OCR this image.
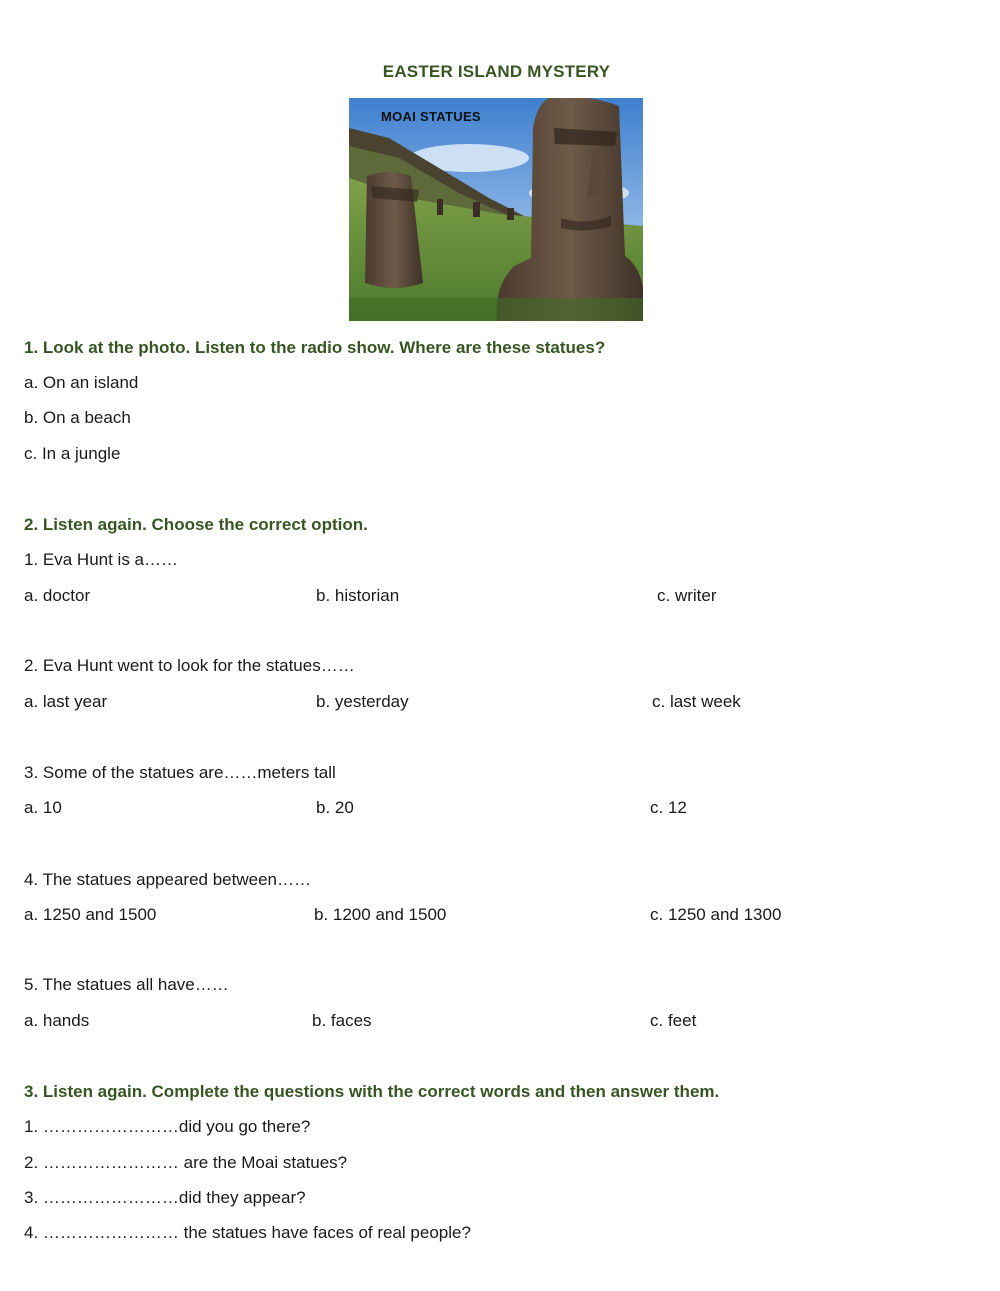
EASTER ISLAND MYSTERY
MOAI STATUES
1. Look at the photo. Listen to the radio show. Where are these statues?
a. On an island
b. On a beach
c. In a jungle
2. Listen again. Choose the correct option.
1. Eva Hunt is a……
a. doctor	b. historian	c. writer
2. Eva Hunt went to look for the statues……
a. last year	b. yesterday	c. last week
3. Some of the statues are……meters tall
a. 10	b. 20	c. 12
4. The statues appeared between……
a. 1250 and 1500	b. 1200 and 1500	c. 1250 and 1300
5. The statues all have……
a. hands	b. faces	c. feet
3. Listen again. Complete the questions with the correct words and then answer them.
1. ……………………did you go there?
2. …………………… are the Moai statues?
3. ……………………did they appear?
4. …………………… the statues have faces of real people?
